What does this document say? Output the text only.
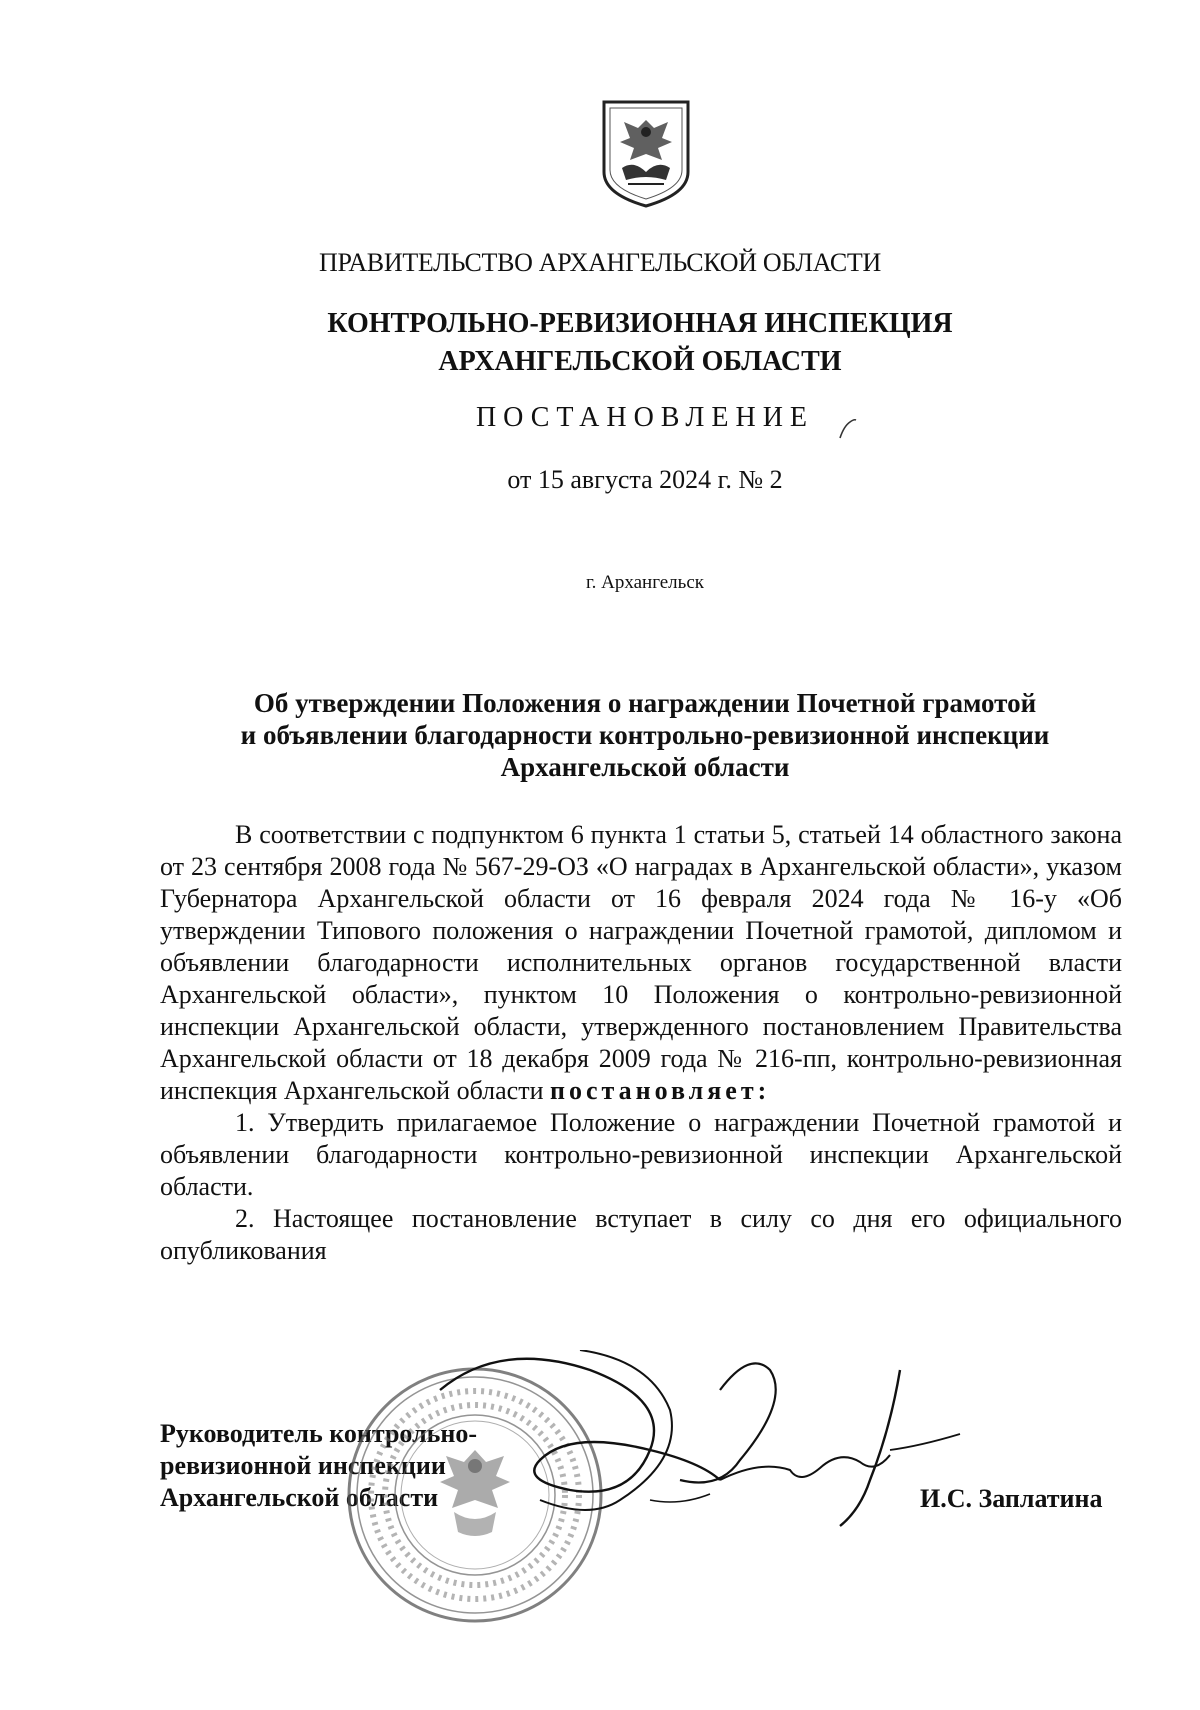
ПРАВИТЕЛЬСТВО АРХАНГЕЛЬСКОЙ ОБЛАСТИ
КОНТРОЛЬНО-РЕВИЗИОННАЯ ИНСПЕКЦИЯ
АРХАНГЕЛЬСКОЙ ОБЛАСТИ
ПОСТАНОВЛЕНИЕ
от 15 августа 2024 г. № 2
г. Архангельск
Об утверждении Положения о награждении Почетной грамотой
и объявлении благодарности контрольно-ревизионной инспекции
Архангельской области

В соответствии с подпунктом 6 пункта 1 статьи 5, статьей 14 областного закона от 23 сентября 2008 года № 567-29-ОЗ «О наградах в Архангельской области», указом Губернатора Архангельской области от 16 февраля 2024 года № 16-у «Об утверждении Типового положения о награждении Почетной грамотой, дипломом и объявлении благодарности исполнительных органов государственной власти Архангельской области», пунктом 10 Положения о контрольно-ревизионной инспекции Архангельской области, утвержденного постановлением Правительства Архангельской области от 18 декабря 2009 года № 216-пп, контрольно-ревизионная инспекция Архангельской области постановляет:

1. Утвердить прилагаемое Положение о награждении Почетной грамотой и объявлении благодарности контрольно-ревизионной инспекции Архангельской области.

2. Настоящее постановление вступает в силу со дня его официального опубликования

Руководитель контрольно-
ревизионной инспекции
Архангельской области	И.С. Заплатина
